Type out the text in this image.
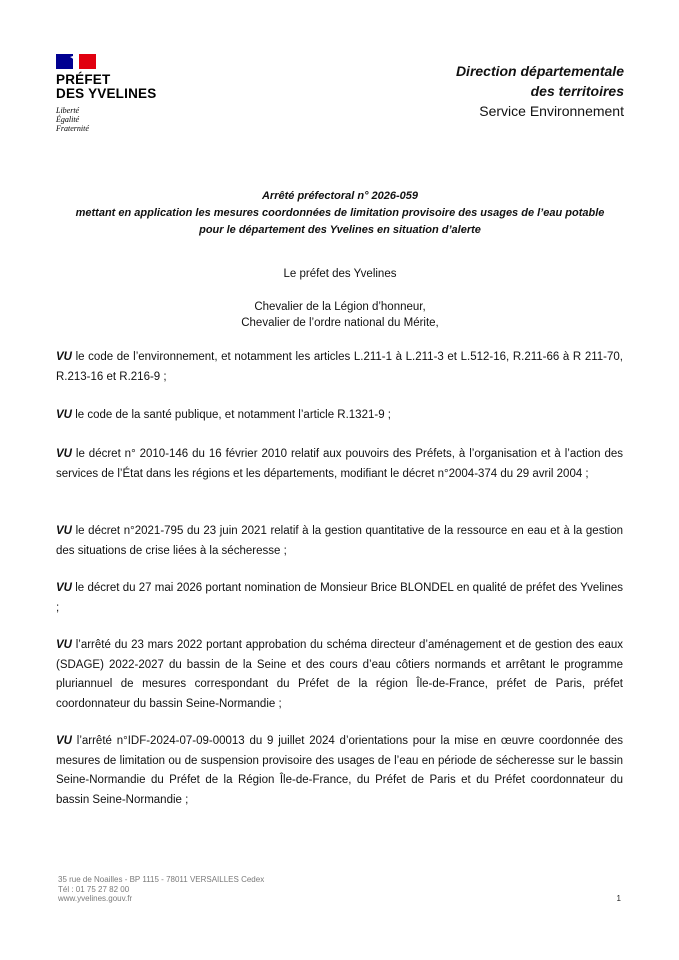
PRÉFET
DES YVELINES
Liberté
Égalité
Fraternité
Direction départementale
des territoires
Service Environnement
Arrêté préfectoral n° 2026-059
mettant en application les mesures coordonnées de limitation provisoire des usages de l’eau potable
pour le département des Yvelines en situation d’alerte
Le préfet des Yvelines
Chevalier de la Légion d’honneur,
Chevalier de l’ordre national du Mérite,

VU le code de l’environnement, et notamment les articles L.211-1 à L.211-3 et L.512-16, R.211-66 à R 211-70, R.213-16 et R.216-9 ;

VU le code de la santé publique, et notamment l’article R.1321-9 ;

VU le décret n° 2010-146 du 16 février 2010 relatif aux pouvoirs des Préfets, à l’organisation et à l’action des services de l’État dans les régions et les départements, modifiant le décret n°2004-374 du 29 avril 2004 ;

VU le décret n°2021-795 du 23 juin 2021 relatif à la gestion quantitative de la ressource en eau et à la gestion des situations de crise liées à la sécheresse ;

VU le décret du 27 mai 2026 portant nomination de Monsieur Brice BLONDEL en qualité de préfet des Yvelines ;

VU l’arrêté du 23 mars 2022 portant approbation du schéma directeur d’aménagement et de gestion des eaux (SDAGE) 2022-2027 du bassin de la Seine et des cours d’eau côtiers normands et arrêtant le programme pluriannuel de mesures correspondant du Préfet de la région Île-de-France, préfet de Paris, préfet coordonnateur du bassin Seine-Normandie ;

VU l’arrêté n°IDF-2024-07-09-00013 du 9 juillet 2024 d’orientations pour la mise en œuvre coordonnée des mesures de limitation ou de suspension provisoire des usages de l’eau en période de sécheresse sur le bassin Seine-Normandie du Préfet de la Région Île-de-France, du Préfet de Paris et du Préfet coordonnateur du bassin Seine-Normandie ;

35 rue de Noailles - BP 1115 - 78011 VERSAILLES Cedex
Tél : 01 75 27 82 00
www.yvelines.gouv.fr	1
